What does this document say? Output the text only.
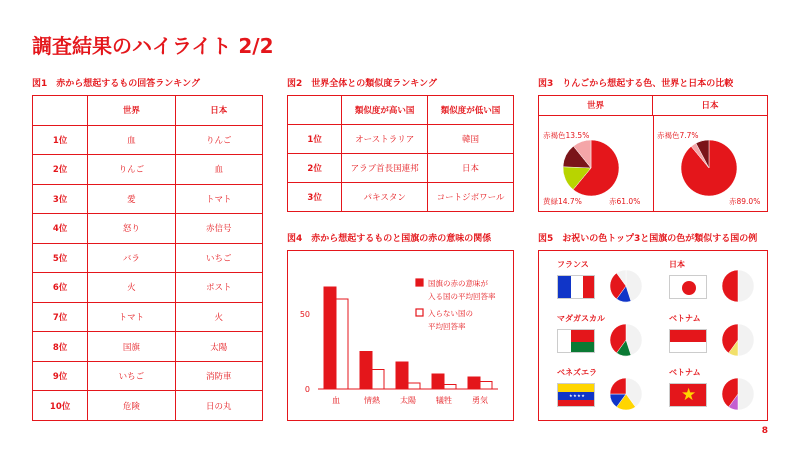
調査結果のハイライト 2/2
図1　赤から想起するもの回答ランキング
	世界	日本
1位	血	りんご
2位	りんご	血
3位	愛	トマト
4位	怒り	赤信号
5位	バラ	いちご
6位	火	ポスト
7位	トマト	火
8位	国旗	太陽
9位	いちご	消防車
10位	危険	日の丸
図2　世界全体との類似度ランキング
	類似度が高い国	類似度が低い国
1位	オーストラリア	韓国
2位	アラブ首長国連邦	日本
3位	パキスタン	コートジボワール
図3　りんごから想起する色、世界と日本の比較
世界	日本
赤褐色13.5%
黄緑14.7%	赤61.0%
赤褐色7.7%
赤89.0%
図4　赤から想起するものと国旗の赤の意味の関係
0
50
血	情熱	太陽	犠牲	勇気
国旗の赤の意味が
入る国の平均回答率
入らない国の
平均回答率
図5　お祝いの色トップ3と国旗の色が類似する国の例
フランス	日本
マダガスカル	ベトナム
ベネズエラ
★★★★
ベトナム
★
8
